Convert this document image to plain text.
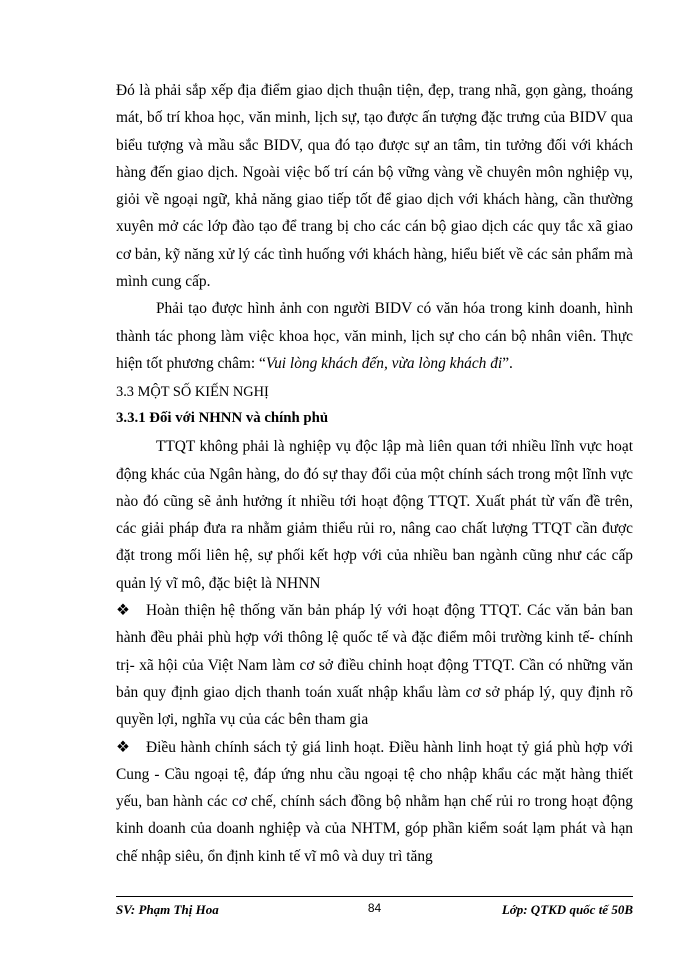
Đó là phải sắp xếp địa điểm giao dịch thuận tiện, đẹp, trang nhã, gọn gàng, thoáng mát, bố trí khoa học, văn minh, lịch sự, tạo được ấn tượng đặc trưng của BIDV qua biểu tượng và mầu sắc BIDV, qua đó tạo được sự an tâm, tin tưởng đối với khách hàng đến giao dịch. Ngoài việc bố trí cán bộ vững vàng về chuyên môn nghiệp vụ, giỏi về ngoại ngữ, khả năng giao tiếp tốt để giao dịch với khách hàng, cần thường xuyên mở các lớp đào tạo để trang bị cho các cán bộ giao dịch các quy tắc xã giao cơ bản, kỹ năng xử lý các tình huống với khách hàng, hiểu biết về các sản phẩm mà mình cung cấp.

Phải tạo được hình ảnh con người BIDV có văn hóa trong kinh doanh, hình thành tác phong làm việc khoa học, văn minh, lịch sự cho cán bộ nhân viên. Thực hiện tốt phương châm: “Vui lòng khách đến, vừa lòng khách đi”.

3.3 MỘT SỐ KIẾN NGHỊ
3.3.1 Đối với NHNN và chính phủ

TTQT không phải là nghiệp vụ độc lập mà liên quan tới nhiều lĩnh vực hoạt động khác của Ngân hàng, do đó sự thay đổi của một chính sách trong một lĩnh vực nào đó cũng sẽ ảnh hưởng ít nhiều tới hoạt động TTQT. Xuất phát từ vấn đề trên, các giải pháp đưa ra nhằm giảm thiểu rủi ro, nâng cao chất lượng TTQT cần được đặt trong mối liên hệ, sự phối kết hợp với của nhiều ban ngành cũng như các cấp quản lý vĩ mô, đặc biệt là NHNN

❖ Hoàn thiện hệ thống văn bản pháp lý với hoạt động TTQT. Các văn bản ban hành đều phải phù hợp với thông lệ quốc tế và đặc điểm môi trường kinh tế- chính trị- xã hội của Việt Nam làm cơ sở điều chỉnh hoạt động TTQT. Cần có những văn bản quy định giao dịch thanh toán xuất nhập khẩu làm cơ sở pháp lý, quy định rõ quyền lợi, nghĩa vụ của các bên tham gia

❖ Điều hành chính sách tỷ giá linh hoạt. Điều hành linh hoạt tỷ giá phù hợp với Cung - Cầu ngoại tệ, đáp ứng nhu cầu ngoại tệ cho nhập khẩu các mặt hàng thiết yếu, ban hành các cơ chế, chính sách đồng bộ nhằm hạn chế rủi ro trong hoạt động kinh doanh của doanh nghiệp và của NHTM, góp phần kiểm soát lạm phát và hạn chế nhập siêu, ổn định kinh tế vĩ mô và duy trì tăng

SV: Phạm Thị Hoa	84	Lớp: QTKD quốc tế 50B
